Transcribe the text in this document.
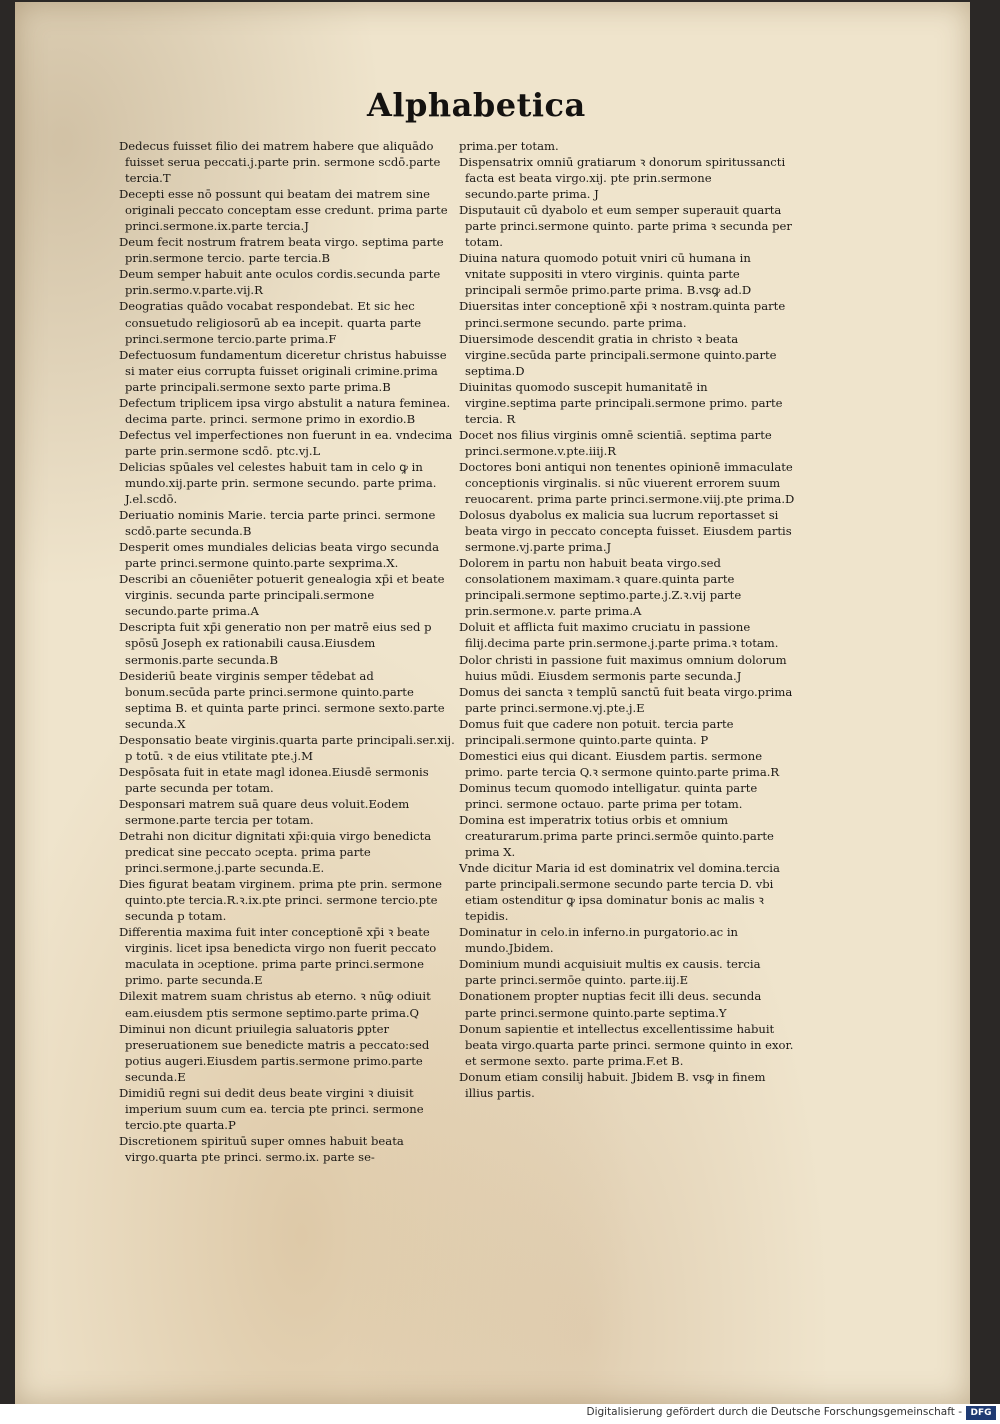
Alphabetica

Dedecus fuisset filio dei matrem habere que aliquādo fuisset serua peccati.j.parte prin. sermone scdō.parte tercia.T

Decepti esse nō possunt qui beatam dei matrem sine originali peccato conceptam esse credunt. prima parte princi.sermone.ix.parte tercia.J

Deum fecit nostrum fratrem beata virgo. septima parte prin.sermone tercio. parte tercia.B

Deum semper habuit ante oculos cordis.secunda parte prin.sermo.v.parte.vij.R

Deogratias quādo vocabat respondebat. Et sic hec consuetudo religiosorū ab ea incepit. quarta parte princi.sermone tercio.parte prima.F

Defectuosum fundamentum diceretur christus habuisse si mater eius corrupta fuisset originali crimine.prima parte principali.sermone sexto parte prima.B

Defectum triplicem ipsa virgo abstulit a natura feminea. decima parte. princi. sermone primo in exordio.B

Defectus vel imperfectiones non fuerunt in ea. vndecima parte prin.sermone scdō. ptc.vj.L

Delicias spūales vel celestes habuit tam in celo ꝙ in mundo.xij.parte prin. sermone secundo. parte prima. J.el.scdō.

Deriuatio nominis Marie. tercia parte princi. sermone scdō.parte secunda.B

Desperit omes mundiales delicias beata virgo secunda parte princi.sermone quinto.parte sexprima.X.

Describi an cōueniēter potuerit genealogia xp̄i et beate virginis. secunda parte principali.sermone secundo.parte prima.A

Descripta fuit xp̄i generatio non per matrē eius sed p spōsū Joseph ex rationabili causa.Eiusdem sermonis.parte secunda.B

Desideriū beate virginis semper tēdebat ad bonum.secūda parte princi.sermone quinto.parte septima B. et quinta parte princi. sermone sexto.parte secunda.X

Desponsatio beate virginis.quarta parte principali.ser.xij. p totū. ꝛ de eius vtilitate pte.j.M

Despōsata fuit in etate magl idonea.Eiusdē sermonis parte secunda per totam.

Desponsari matrem suā quare deus voluit.Eodem sermone.parte tercia per totam.

Detrahi non dicitur dignitati xp̄i:quia virgo benedicta predicat sine peccato ɔcepta. prima parte princi.sermone.j.parte secunda.E.

Dies figurat beatam virginem. prima pte prin. sermone quinto.pte tercia.R.ꝛ.ix.pte princi. sermone tercio.pte secunda p totam.

Differentia maxima fuit inter conceptionē xp̄i ꝛ beate virginis. licet ipsa benedicta virgo non fuerit peccato maculata in ɔceptione. prima parte princi.sermone primo. parte secunda.E

Dilexit matrem suam christus ab eterno. ꝛ nūꝙ odiuit eam.eiusdem ptis sermone septimo.parte prima.Q

Diminui non dicunt priuilegia saluatoris ꝑpter preseruationem sue benedicte matris a peccato:sed potius augeri.Eiusdem partis.sermone primo.parte secunda.E

Dimidiū regni sui dedit deus beate virgini ꝛ diuisit imperium suum cum ea. tercia pte princi. sermone tercio.pte quarta.P

Discretionem spirituū super omnes habuit beata virgo.quarta pte princi. sermo.ix. parte se-

prima.per totam.

Dispensatrix omniū gratiarum ꝛ donorum spiritussancti facta est beata virgo.xij. pte prin.sermone secundo.parte prima. J

Disputauit cū dyabolo et eum semper superauit quarta parte princi.sermone quinto. parte prima ꝛ secunda per totam.

Diuina natura quomodo potuit vniri cū humana in vnitate suppositi in vtero virginis. quinta parte principali sermōe primo.parte prima. B.vsꝙ ad.D

Diuersitas inter conceptionē xp̄i ꝛ nostram.quinta parte princi.sermone secundo. parte prima.

Diuersimode descendit gratia in christo ꝛ beata virgine.secūda parte principali.sermone quinto.parte septima.D

Diuinitas quomodo suscepit humanitatē in virgine.septima parte principali.sermone primo. parte tercia. R

Docet nos filius virginis omnē scientiā. septima parte princi.sermone.v.pte.iiij.R

Doctores boni antiqui non tenentes opinionē immaculate conceptionis virginalis. si nūc viuerent errorem suum reuocarent. prima parte princi.sermone.viij.pte prima.D

Dolosus dyabolus ex malicia sua lucrum reportasset si beata virgo in peccato concepta fuisset. Eiusdem partis sermone.vj.parte prima.J

Dolorem in partu non habuit beata virgo.sed consolationem maximam.ꝛ quare.quinta parte principali.sermone septimo.parte.j.Z.ꝛ.vij parte prin.sermone.v. parte prima.A

Doluit et afflicta fuit maximo cruciatu in passione filij.decima parte prin.sermone.j.parte prima.ꝛ totam.

Dolor christi in passione fuit maximus omnium dolorum huius mūdi. Eiusdem sermonis parte secunda.J

Domus dei sancta ꝛ templū sanctū fuit beata virgo.prima parte princi.sermone.vj.pte.j.E

Domus fuit que cadere non potuit. tercia parte principali.sermone quinto.parte quinta. P

Domestici eius qui dicant. Eiusdem partis. sermone primo. parte tercia Q.ꝛ sermone quinto.parte prima.R

Dominus tecum quomodo intelligatur. quinta parte princi. sermone octauo. parte prima per totam.

Domina est imperatrix totius orbis et omnium creaturarum.prima parte princi.sermōe quinto.parte prima X.

Vnde dicitur Maria id est dominatrix vel domina.tercia parte principali.sermone secundo parte tercia D. vbi etiam ostenditur ꝙ ipsa dominatur bonis ac malis ꝛ tepidis.

Dominatur in celo.in inferno.in purgatorio.ac in mundo.Jbidem.

Dominium mundi acquisiuit multis ex causis. tercia parte princi.sermōe quinto. parte.iij.E

Donationem propter nuptias fecit illi deus. secunda parte princi.sermone quinto.parte septima.Y

Donum sapientie et intellectus excellentissime habuit beata virgo.quarta parte princi. sermone quinto in exor. et sermone sexto. parte prima.F.et B.

Donum etiam consilij habuit. Jbidem B. vsꝙ in finem illius partis.

Digitalisierung gefördert durch die Deutsche Forschungsgemeinschaft - DFG
